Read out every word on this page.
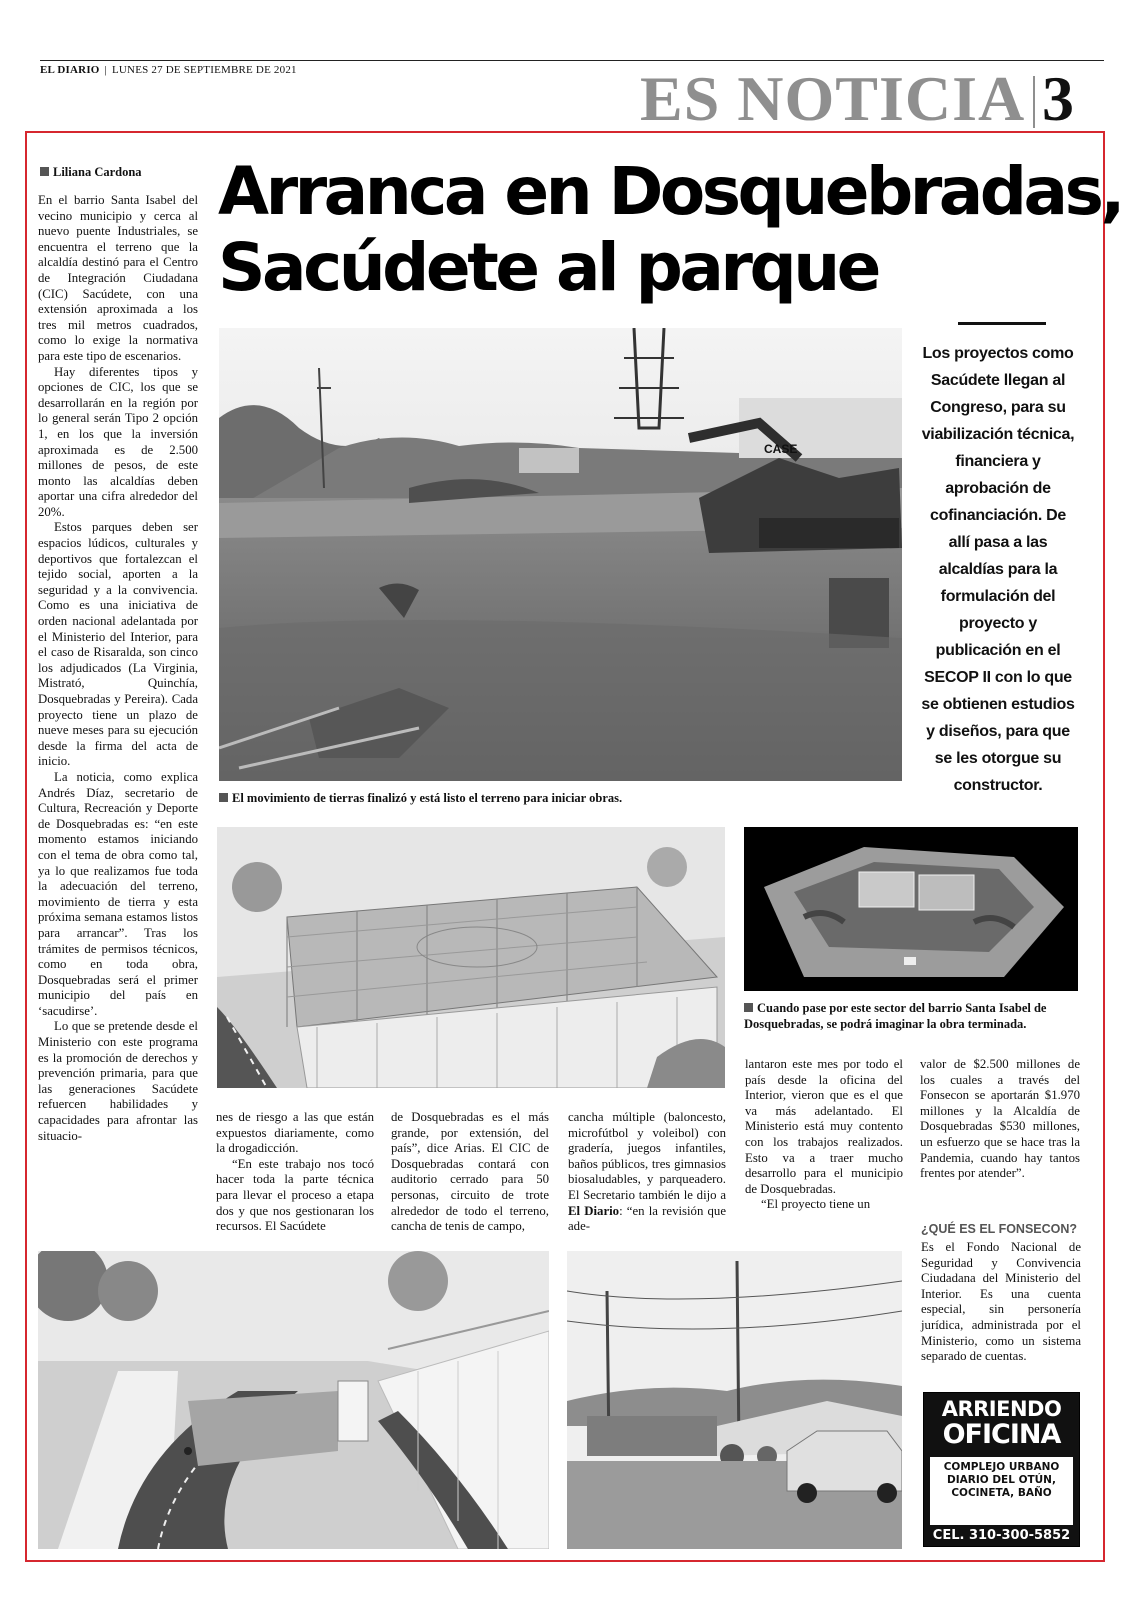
EL DIARIO | LUNES 27 DE SEPTIEMBRE DE 2021	ES NOTICIA 3
Liliana Cardona Arranca en Dosquebradas,
Sacúdete al parque

En el barrio Santa Isabel del vecino municipio y cerca al nuevo puente Industriales, se encuentra el terreno que la alcaldía destinó para el Centro de Integración Ciudadana (CIC) Sacúdete, con una extensión aproximada a los tres mil metros cuadrados, como lo exige la normativa para este tipo de escenarios.

Hay diferentes tipos y opciones de CIC, los que se desarrollarán en la región por lo general serán Tipo 2 opción 1, en los que la inversión aproximada es de 2.500 millones de pesos, de este monto las alcaldías deben aportar una cifra alrededor del 20%.

Estos parques deben ser espacios lúdicos, culturales y deportivos que fortalezcan el tejido social, aporten a la seguridad y a la convivencia. Como es una iniciativa de orden nacional adelantada por el Ministerio del Interior, para el caso de Risaralda, son cinco los adjudicados (La Virginia, Mistrató, Quinchía, Dosquebradas y Pereira). Cada proyecto tiene un plazo de nueve meses para su ejecución desde la firma del acta de inicio.

La noticia, como explica Andrés Díaz, secretario de Cultura, Recreación y Deporte de Dosquebradas es: “en este momento estamos iniciando con el tema de obra como tal, ya lo que realizamos fue toda la adecuación del terreno, movimiento de tierra y esta próxima semana estamos listos para arrancar”. Tras los trámites de permisos técnicos, como en toda obra, Dosquebradas será el primer municipio del país en ‘sacudirse’.

Lo que se pretende desde el Ministerio con este programa es la promoción de derechos y prevención primaria, para que las generaciones Sacúdete refuercen habilidades y capacidades para afrontar las situacio-

CASE
El movimiento de tierras finalizó y está listo el terreno para iniciar obras.
Los proyectos como Sacúdete llegan al Congreso, para su viabilización técnica, financiera y aprobación de cofinanciación. De allí pasa a las alcaldías para la formulación del proyecto y publicación en el SECOP II con lo que se obtienen estudios y diseños, para que se les otorgue su constructor.
Cuando pase por este sector del barrio Santa Isabel de Dosquebradas, se podrá imaginar la obra terminada.

nes de riesgo a las que están expuestos diariamente, como la drogadicción.

“En este trabajo nos tocó hacer toda la parte técnica para llevar el proceso a etapa dos y que nos gestionaran los recursos. El Sacúdete

de Dosquebradas es el más grande, por extensión, del país”, dice Arias. El CIC de Dosquebradas contará con auditorio cerrado para 50 personas, circuito de trote alrededor de todo el terreno, cancha de tenis de campo,

cancha múltiple (baloncesto, microfútbol y voleibol) con gradería, juegos infantiles, baños públicos, tres gimnasios biosaludables, y parqueadero. El Secretario también le dijo a El Diario: “en la revisión que ade-

lantaron este mes por todo el país desde la oficina del Interior, vieron que es el que va más adelantado. El Ministerio está muy contento con los trabajos realizados. Esto va a traer mucho desarrollo para el municipio de Dosquebradas.

“El proyecto tiene un

valor de $2.500 millones de los cuales a través del Fonsecon se aportarán $1.970 millones y la Alcaldía de Dosquebradas $530 millones, un esfuerzo que se hace tras la Pandemia, cuando hay tantos frentes por atender”.

¿QUÉ ES EL FONSECON?
Es el Fondo Nacional de Seguridad y Convivencia Ciudadana del Ministerio del Interior. Es una cuenta especial, sin personería jurídica, administrada por el Ministerio, como un sistema separado de cuentas.
ARRIENDO
OFICINA
COMPLEJO URBANO
DIARIO DEL OTÚN,
COCINETA, BAÑO
CEL. 310-300-5852
